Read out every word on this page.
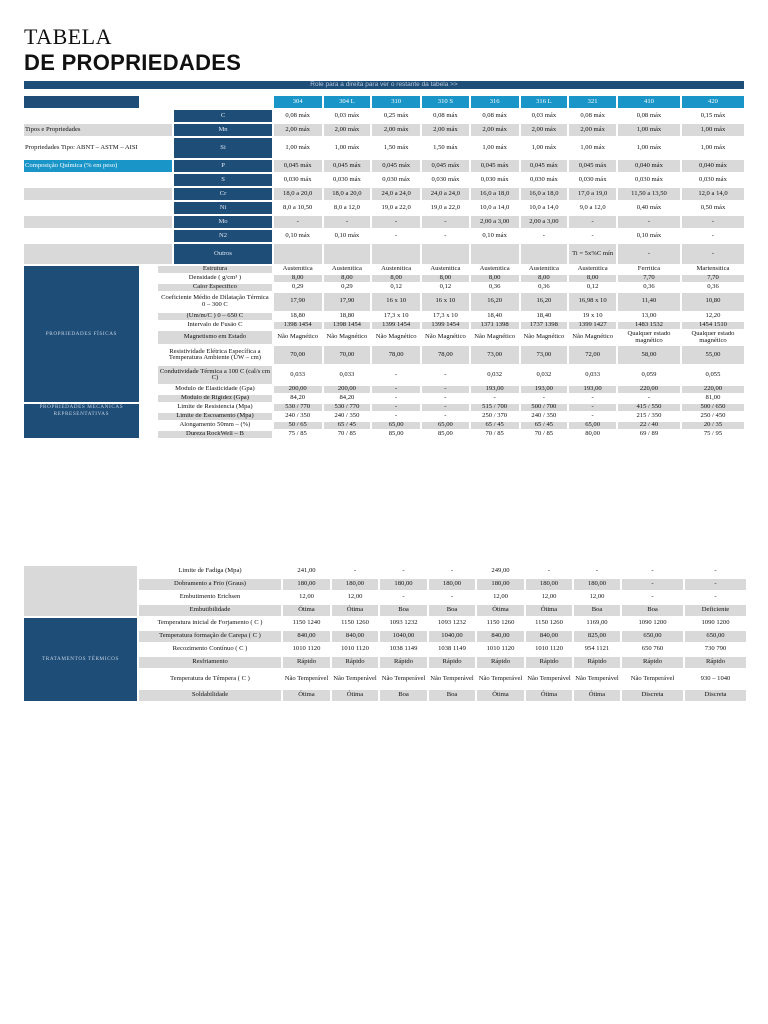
TABELA
DE PROPRIEDADES
Role para a direita para ver o restante da tabela >>
				304	304 L	310	310 S	316	316 L	321	410	420
			C	0,08 máx	0,03 máx	0,25 máx	0,08 máx	0,08 máx	0,03 máx	0,08 máx	0,08 máx	0,15 máx
Tipos e Propriedades			Mn	2,00 máx	2,00 máx	2,00 máx	2,00 máx	2,00 máx	2,00 máx	2,00 máx	1,00 máx	1,00 máx
Propriedades Tipo: ABNT – ASTM – AISI			Si	1,00 máx	1,00 máx	1,50 máx	1,50 máx	1,00 máx	1,00 máx	1,00 máx	1,00 máx	1,00 máx
Composição Química (% em peso)			P	0,045 máx	0,045 máx	0,045 máx	0,045 máx	0,045 máx	0,045 máx	0,045 máx	0,040 máx	0,040 máx
			S	0,030 máx	0,030 máx	0,030 máx	0,030 máx	0,030 máx	0,030 máx	0,030 máx	0,030 máx	0,030 máx
			Cr	18,0 a 20,0	18,0 a 20,0	24,0 a 24,0	24,0 a 24,0	16,0 a 18,0	16,0 a 18,0	17,0 a 19,0	11,50 a 13,50	12,0 a 14,0
			Ni	8,0 a 10,50	8,0 a 12,0	19,0 a 22,0	19,0 a 22,0	10,0 a 14,0	10,0 a 14,0	9,0 a 12,0	0,40 máx	0,50 máx
			Mo	-	-	-	-	2,00 a 3,00	2,00 a 3,00	-	-	-
			N2	0,10 máx	0,10 máx	-	-	0,10 máx	-	-	0,10 máx	-
			Outros							Ti = 5x%C mín	-	-
PROPRIEDADES FÍSICAS		Estrutura		Austenítica	Austenítica	Austenítica	Austenítica	Austenítica	Austenítica	Austenítica	Ferrítica	Martensítica
		Densidade ( g/cm³ )		8,00	8,00	8,00	8,00	8,00	8,00	8,00	7,70	7,70
		Calor Específico		0,29	0,29	0,12	0,12	0,36	0,36	0,12	0,36	0,36
		Coeficiente Médio de Dilatação Térmica 0 – 300 C		17,90	17,90	16 x 10	16 x 10	16,20	16,20	16,98 x 10	11,40	10,80
		(Um/m/C ) 0 – 650 C		18,80	18,80	17,3 x 10	17,3 x 10	18,40	18,40	19 x 10	13,00	12,20
		Intervalo de Fusão C		1398 1454	1398 1454	1399 1454	1399 1454	1371 1398	1737 1398	1399 1427	1483 1532	1454 1510
		Magnetismo em Estado		Não Magnético	Não Magnético	Não Magnético	Não Magnético	Não Magnético	Não Magnético	Não Magnético	Qualquer estado magnético	Qualquer estado magnético
		Resistividade Elétrica Específica a Temperatura Ambiente (UW – cm)		70,00	70,00	78,00	78,00	73,00	73,00	72,00	58,00	55,00
		Condutividade Térmica a 100 C (cal/s cm C)		0,033	0,033	-	-	0,032	0,032	0,033	0,059	0,055
		Modulo de Elasticidade (Gpa)		200,00	200,00	-	-	193,00	193,00	193,00	220,00	220,00
		Modulo de Rigidez (Gpa)		84,20	84,20	-	-	-	-	-	-	81,00
PROPRIEDADES MECÂNICAS REPRESENTATIVAS		Limite de Resistencia (Mpa)		530 / 770	530 / 770	-	-	515 / 700	500 / 700	-	415 / 550	500 / 650
		Limite de Escoamento (Mpa)		240 / 350	240 / 350	-	-	250 / 370	240 / 350	-	215 / 350	250 / 450
		Alongamento 50mm – (%)		50 / 65	65 / 45	65,00	65,00	65 / 45	65 / 45	65,00	22 / 40	20 / 35
		Dureza RockWell – B		75 / 85	70 / 85	85,00	85,00	70 / 85	70 / 85	80,00	69 / 89	75 / 95
	Limite de Fadiga (Mpa)	241,00	-	-	-	249,00	-	-	-	-
	Dobramento a Frio (Graus)	180,00	180,00	180,00	180,00	180,00	180,00	180,00	-	-
	Embutimento Erichsen	12,00	12,00	-	-	12,00	12,00	12,00	-	-
	Embutibilidade	Ótima	Ótima	Boa	Boa	Ótima	Ótima	Boa	Boa	Deficiente
TRATAMENTOS TÉRMICOS	Temperatura inicial de Forjamento ( C )	1150 1240	1150 1260	1093 1232	1093 1232	1150 1260	1150 1260	1169,00	1090 1200	1090 1200
	Temperatura formação de Carepa ( C )	840,00	840,00	1040,00	1040,00	840,00	840,00	825,00	650,00	650,00
	Recozimento Contínuo ( C )	1010 1120	1010 1120	1038 1149	1038 1149	1010 1120	1010 1120	954 1121	650 760	730 790
	Resfriamento	Rápido	Rápido	Rápido	Rápido	Rápido	Rápido	Rápido	Rápido	Rápido
	Temperatura de Têmpera ( C )	Não Temperável	Não Temperável	Não Temperável	Não Temperável	Não Temperável	Não Temperável	Não Temperável	Não Temperável	930 – 1040
	Soldabilidade	Ótima	Ótima	Boa	Boa	Ótima	Ótima	Ótima	Discreta	Discreta
